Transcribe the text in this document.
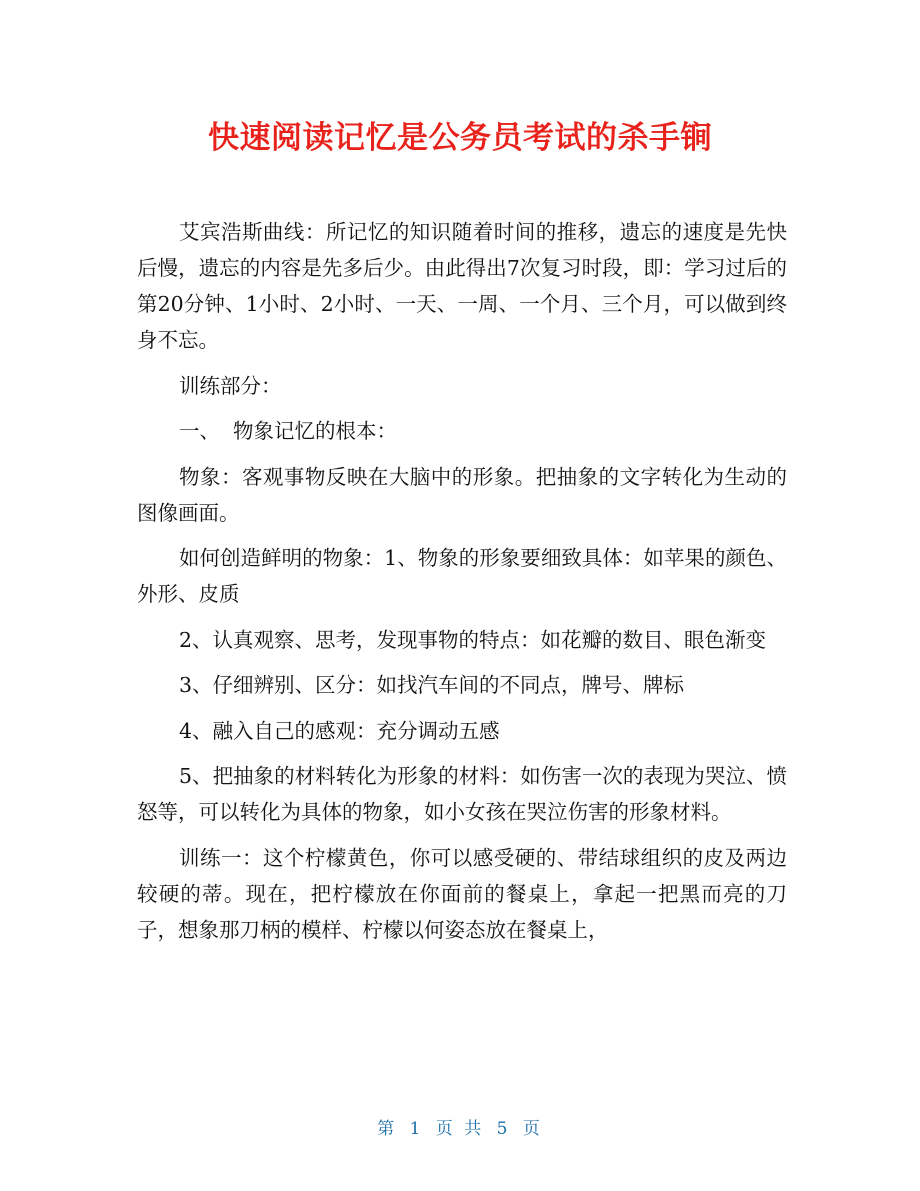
快速阅读记忆是公务员考试的杀手锏

艾宾浩斯曲线：所记忆的知识随着时间的推移，遗忘的速度是先快后慢，遗忘的内容是先多后少。由此得出7次复习时段，即：学习过后的第20分钟、1小时、2小时、一天、一周、一个月、三个月，可以做到终身不忘。

训练部分：

一、  物象记忆的根本：

物象：客观事物反映在大脑中的形象。把抽象的文字转化为生动的图像画面。

如何创造鲜明的物象：1、物象的形象要细致具体：如苹果的颜色、外形、皮质

2、认真观察、思考，发现事物的特点：如花瓣的数目、眼色渐变

3、仔细辨别、区分：如找汽车间的不同点，牌号、牌标

4、融入自己的感观：充分调动五感

5、把抽象的材料转化为形象的材料：如伤害一次的表现为哭泣、愤怒等，可以转化为具体的物象，如小女孩在哭泣伤害的形象材料。

训练一：这个柠檬黄色，你可以感受硬的、带结球组织的皮及两边较硬的蒂。现在，把柠檬放在你面前的餐桌上，拿起一把黑而亮的刀子，想象那刀柄的模样、柠檬以何姿态放在餐桌上，

第 1 页 共 5 页
